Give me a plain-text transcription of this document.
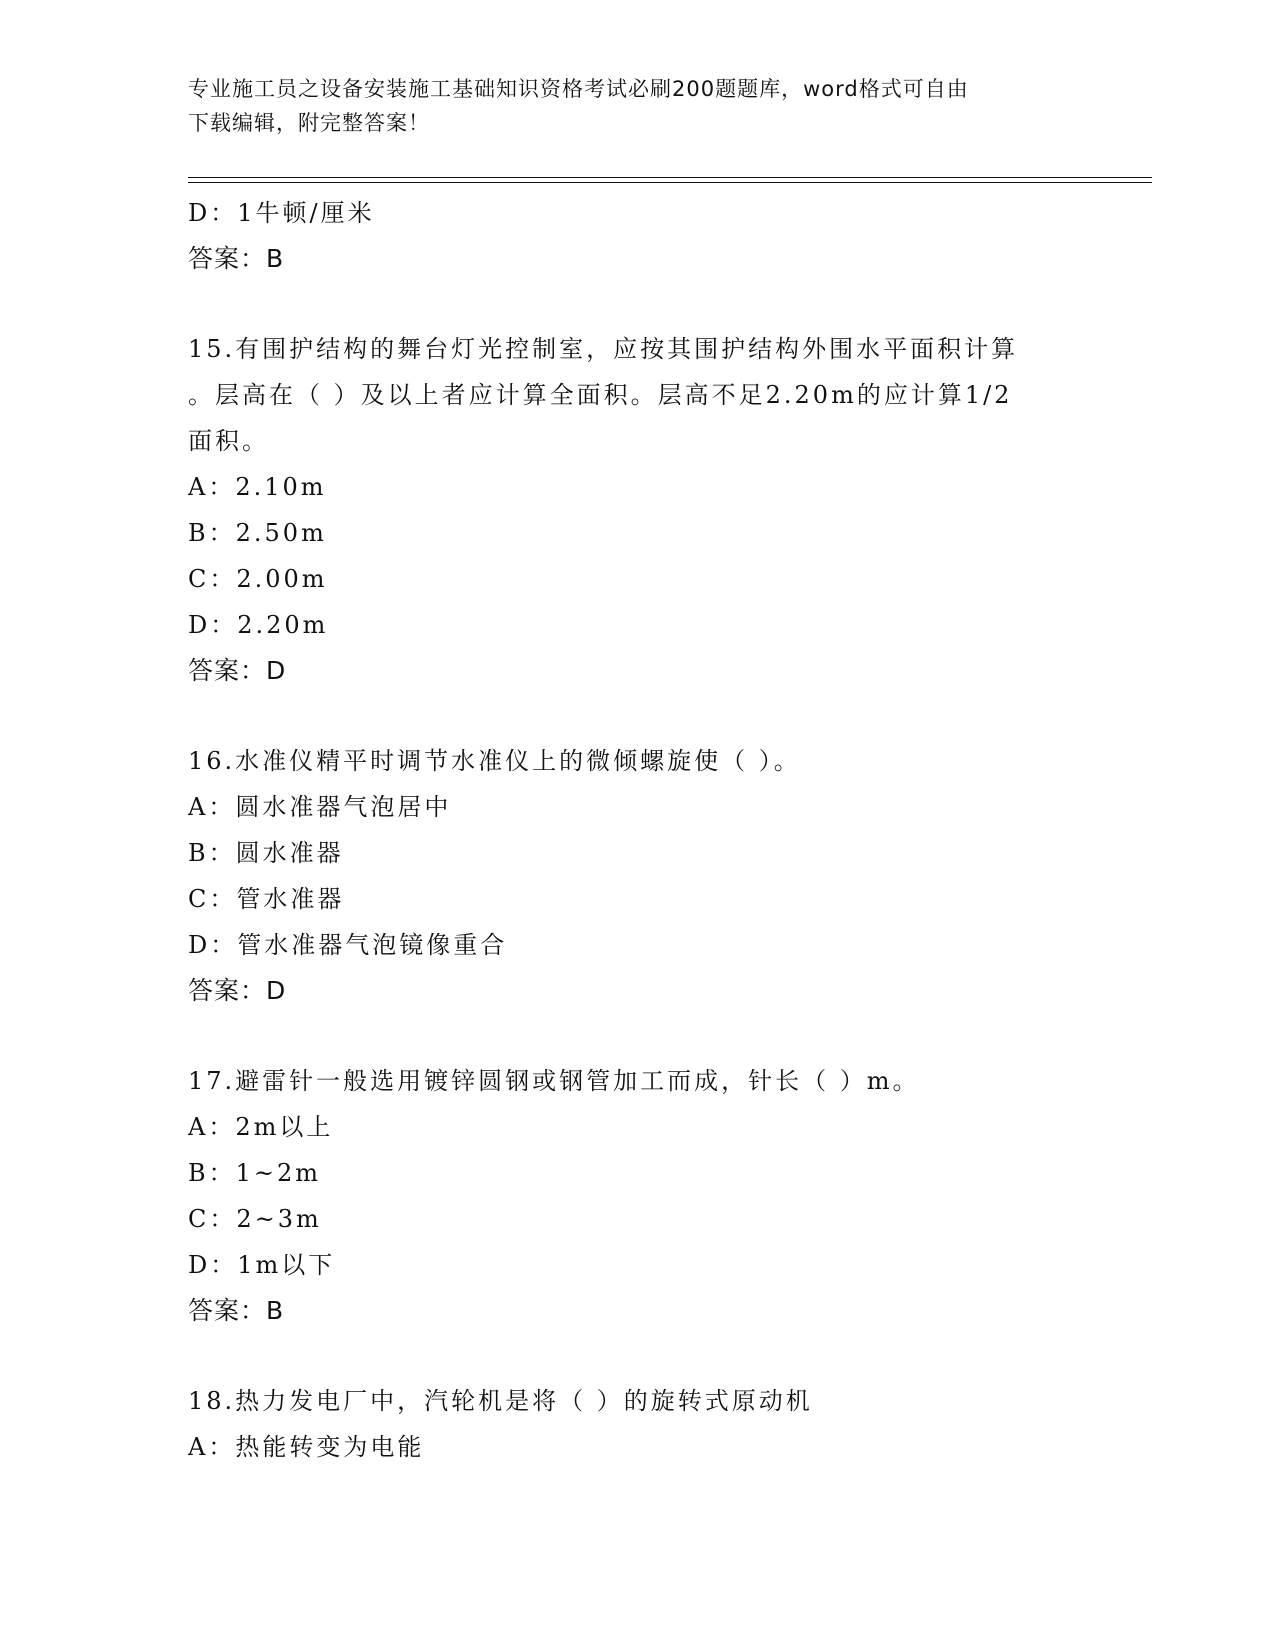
专业施工员之设备安装施工基础知识资格考试必刷200题题库，word格式可自由
下载编辑，附完整答案！
D：1牛顿/厘米
答案：B
15.有围护结构的舞台灯光控制室，应按其围护结构外围水平面积计算
。层高在（ ）及以上者应计算全面积。层高不足2.20m的应计算1/2
面积。
A：2.10m
B：2.50m
C：2.00m
D：2.20m
答案：D
16.水准仪精平时调节水准仪上的微倾螺旋使（ ）。
A：圆水准器气泡居中
B：圆水准器
C：管水准器
D：管水准器气泡镜像重合
答案：D
17.避雷针一般选用镀锌圆钢或钢管加工而成，针长（ ）m。
A：2m以上
B：1~2m
C：2~3m
D：1m以下
答案：B
18.热力发电厂中，汽轮机是将（ ）的旋转式原动机
A：热能转变为电能
